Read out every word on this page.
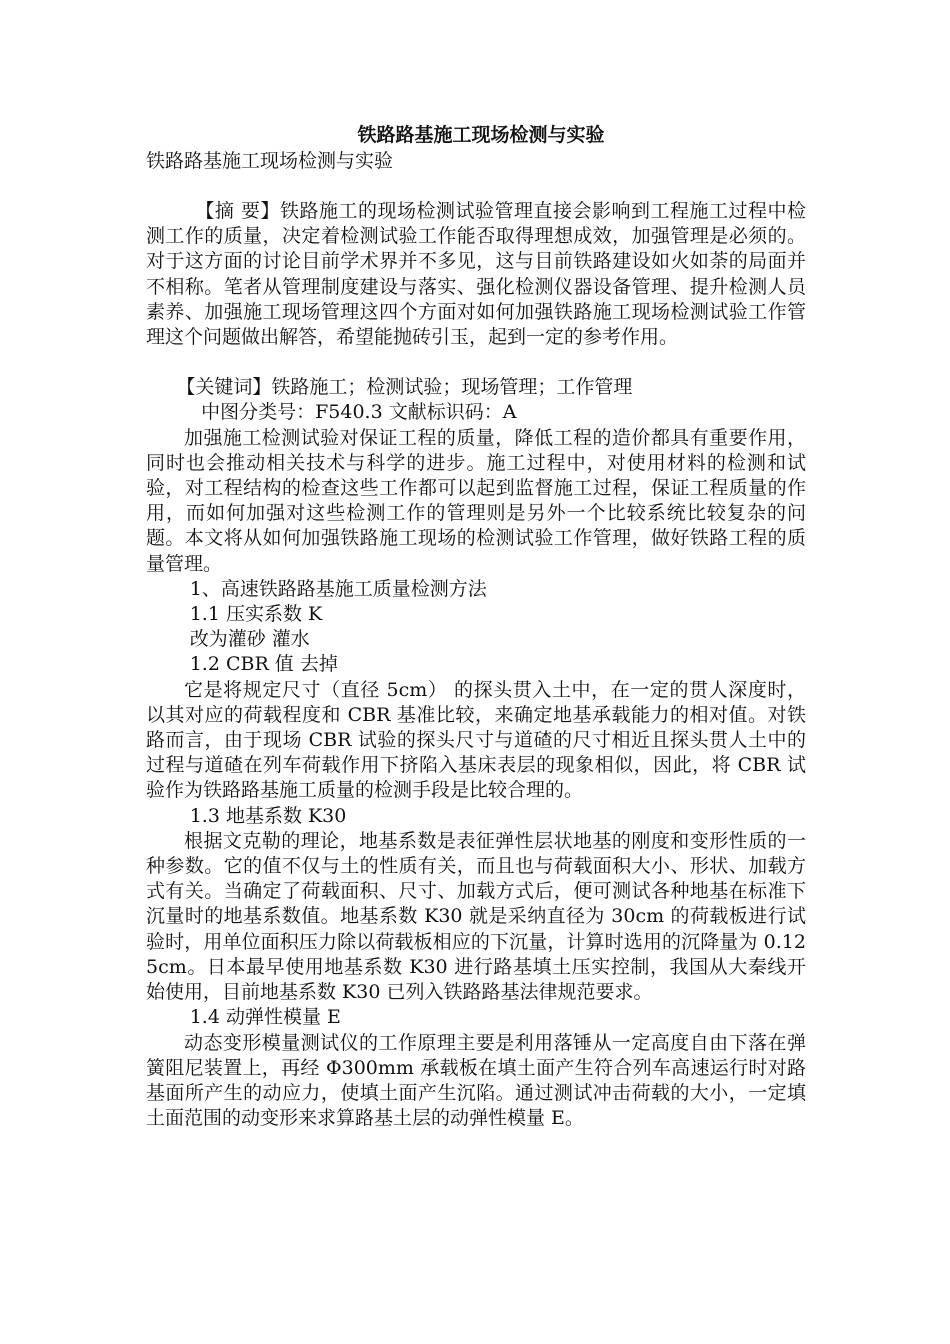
铁路路基施工现场检测与实验

铁路路基施工现场检测与实验

【摘 要】铁路施工的现场检测试验管理直接会影响到工程施工过程中检测工作的质量，决定着检测试验工作能否取得理想成效，加强管理是必须的。对于这方面的讨论目前学术界并不多见，这与目前铁路建设如火如荼的局面并不相称。笔者从管理制度建设与落实、强化检测仪器设备管理、提升检测人员素养、加强施工现场管理这四个方面对如何加强铁路施工现场检测试验工作管理这个问题做出解答，希望能抛砖引玉，起到一定的参考作用。

【关键词】铁路施工；检测试验；现场管理；工作管理

中图分类号：F540.3 文献标识码：A

加强施工检测试验对保证工程的质量，降低工程的造价都具有重要作用，同时也会推动相关技术与科学的进步。施工过程中，对使用材料的检测和试验，对工程结构的检查这些工作都可以起到监督施工过程，保证工程质量的作用，而如何加强对这些检测工作的管理则是另外一个比较系统比较复杂的问题。本文将从如何加强铁路施工现场的检测试验工作管理，做好铁路工程的质量管理。

1、高速铁路路基施工质量检测方法

1.1 压实系数 K

改为灌砂 灌水

1.2 CBR 值 去掉

它是将规定尺寸（直径 5cm） 的探头贯入土中，在一定的贯人深度时，以其对应的荷载程度和 CBR 基准比较，来确定地基承载能力的相对值。对铁路而言，由于现场 CBR 试验的探头尺寸与道碴的尺寸相近且探头贯人土中的过程与道碴在列车荷载作用下挤陷入基床表层的现象相似，因此，将 CBR 试验作为铁路路基施工质量的检测手段是比较合理的。

1.3 地基系数 K30

根据文克勒的理论，地基系数是表征弹性层状地基的刚度和变形性质的一种参数。它的值不仅与土的性质有关，而且也与荷载面积大小、形状、加载方式有关。当确定了荷载面积、尺寸、加载方式后，便可测试各种地基在标准下沉量时的地基系数值。地基系数 K30 就是采纳直径为 30cm 的荷载板进行试验时，用单位面积压力除以荷载板相应的下沉量，计算时选用的沉降量为 0.125cm。日本最早使用地基系数 K30 进行路基填土压实控制，我国从大秦线开始使用，目前地基系数 K30 已列入铁路路基法律规范要求。

1.4 动弹性模量 E

动态变形模量测试仪的工作原理主要是利用落锤从一定高度自由下落在弹簧阻尼装置上，再经 Φ300mm 承载板在填土面产生符合列车高速运行时对路基面所产生的动应力，使填土面产生沉陷。通过测试冲击荷载的大小，一定填土面范围的动变形来求算路基土层的动弹性模量 E。
